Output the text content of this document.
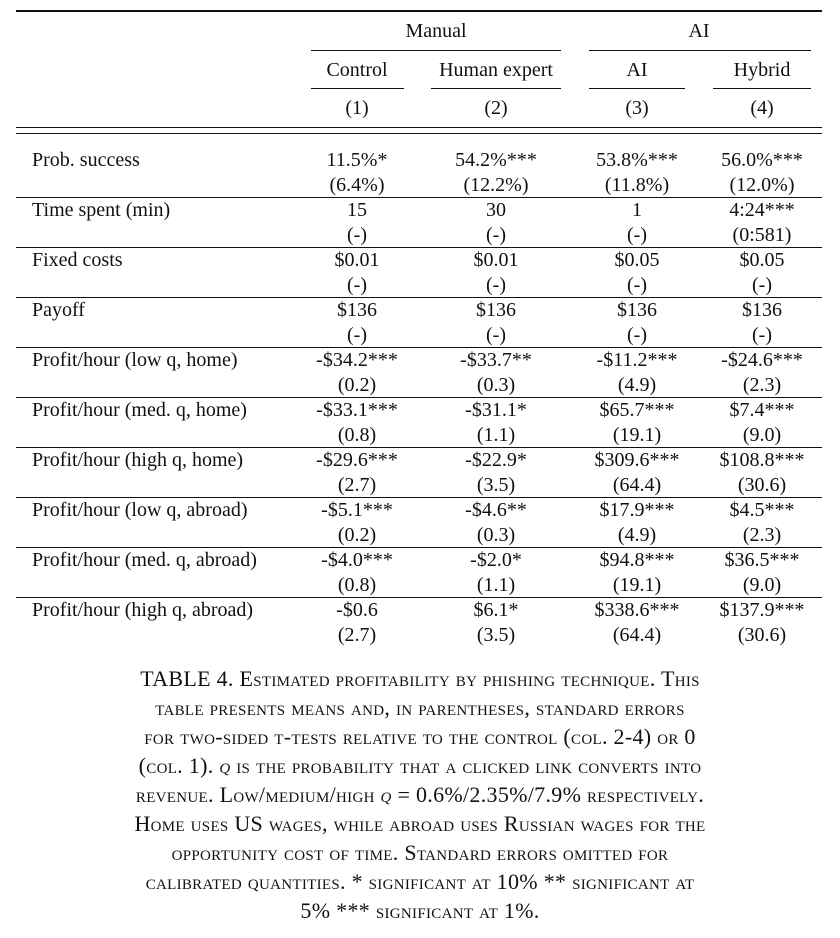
Manual	AI
Control	Human expert	AI	Hybrid
(1)	(2)	(3)	(4)
Prob. success	11.5%*	54.2%***	53.8%*** 56.0%***
(6.4%)	(12.2%)	(11.8%)	(12.0%)
Time spent (min)	15	30	1	4:24***
(-)	(-)	(-)	(0:581)
Fixed costs	$0.01	$0.01	$0.05	$0.05
(-)	(-)	(-)	(-)
Payoff	$136	$136	$136	$136
(-)	(-)	(-)	(-)
Profit/hour (low q, home)	-$34.2***	-$33.7**	-$11.2*** -$24.6***
(0.2)	(0.3)	(4.9)	(2.3)
Profit/hour (med. q, home)	-$33.1***	-$31.1*	$65.7***	$7.4***
(0.8)	(1.1)	(19.1)	(9.0)
Profit/hour (high q, home)	-$29.6***	-$22.9*	$309.6*** $108.8***
(2.7)	(3.5)	(64.4)	(30.6)
Profit/hour (low q, abroad)	-$5.1***	-$4.6**	$17.9***	$4.5***
(0.2)	(0.3)	(4.9)	(2.3)
Profit/hour (med. q, abroad)	-$4.0***	-$2.0*	$94.8***	$36.5***
(0.8)	(1.1)	(19.1)	(9.0)
Profit/hour (high q, abroad)	-$0.6	$6.1*	$338.6*** $137.9***
(2.7)	(3.5)	(64.4)	(30.6)
TABLE 4. Estimated profitability by phishing technique. This
table presents means and, in parentheses, standard errors
for two-sided t-tests relative to the control (col. 2-4) or 0
(col. 1). q is the probability that a clicked link converts into
revenue. Low/medium/high q = 0.6%/2.35%/7.9% respectively.
Home uses US wages, while abroad uses Russian wages for the
opportunity cost of time. Standard errors omitted for
calibrated quantities. * significant at 10% ** significant at
5% *** significant at 1%.
